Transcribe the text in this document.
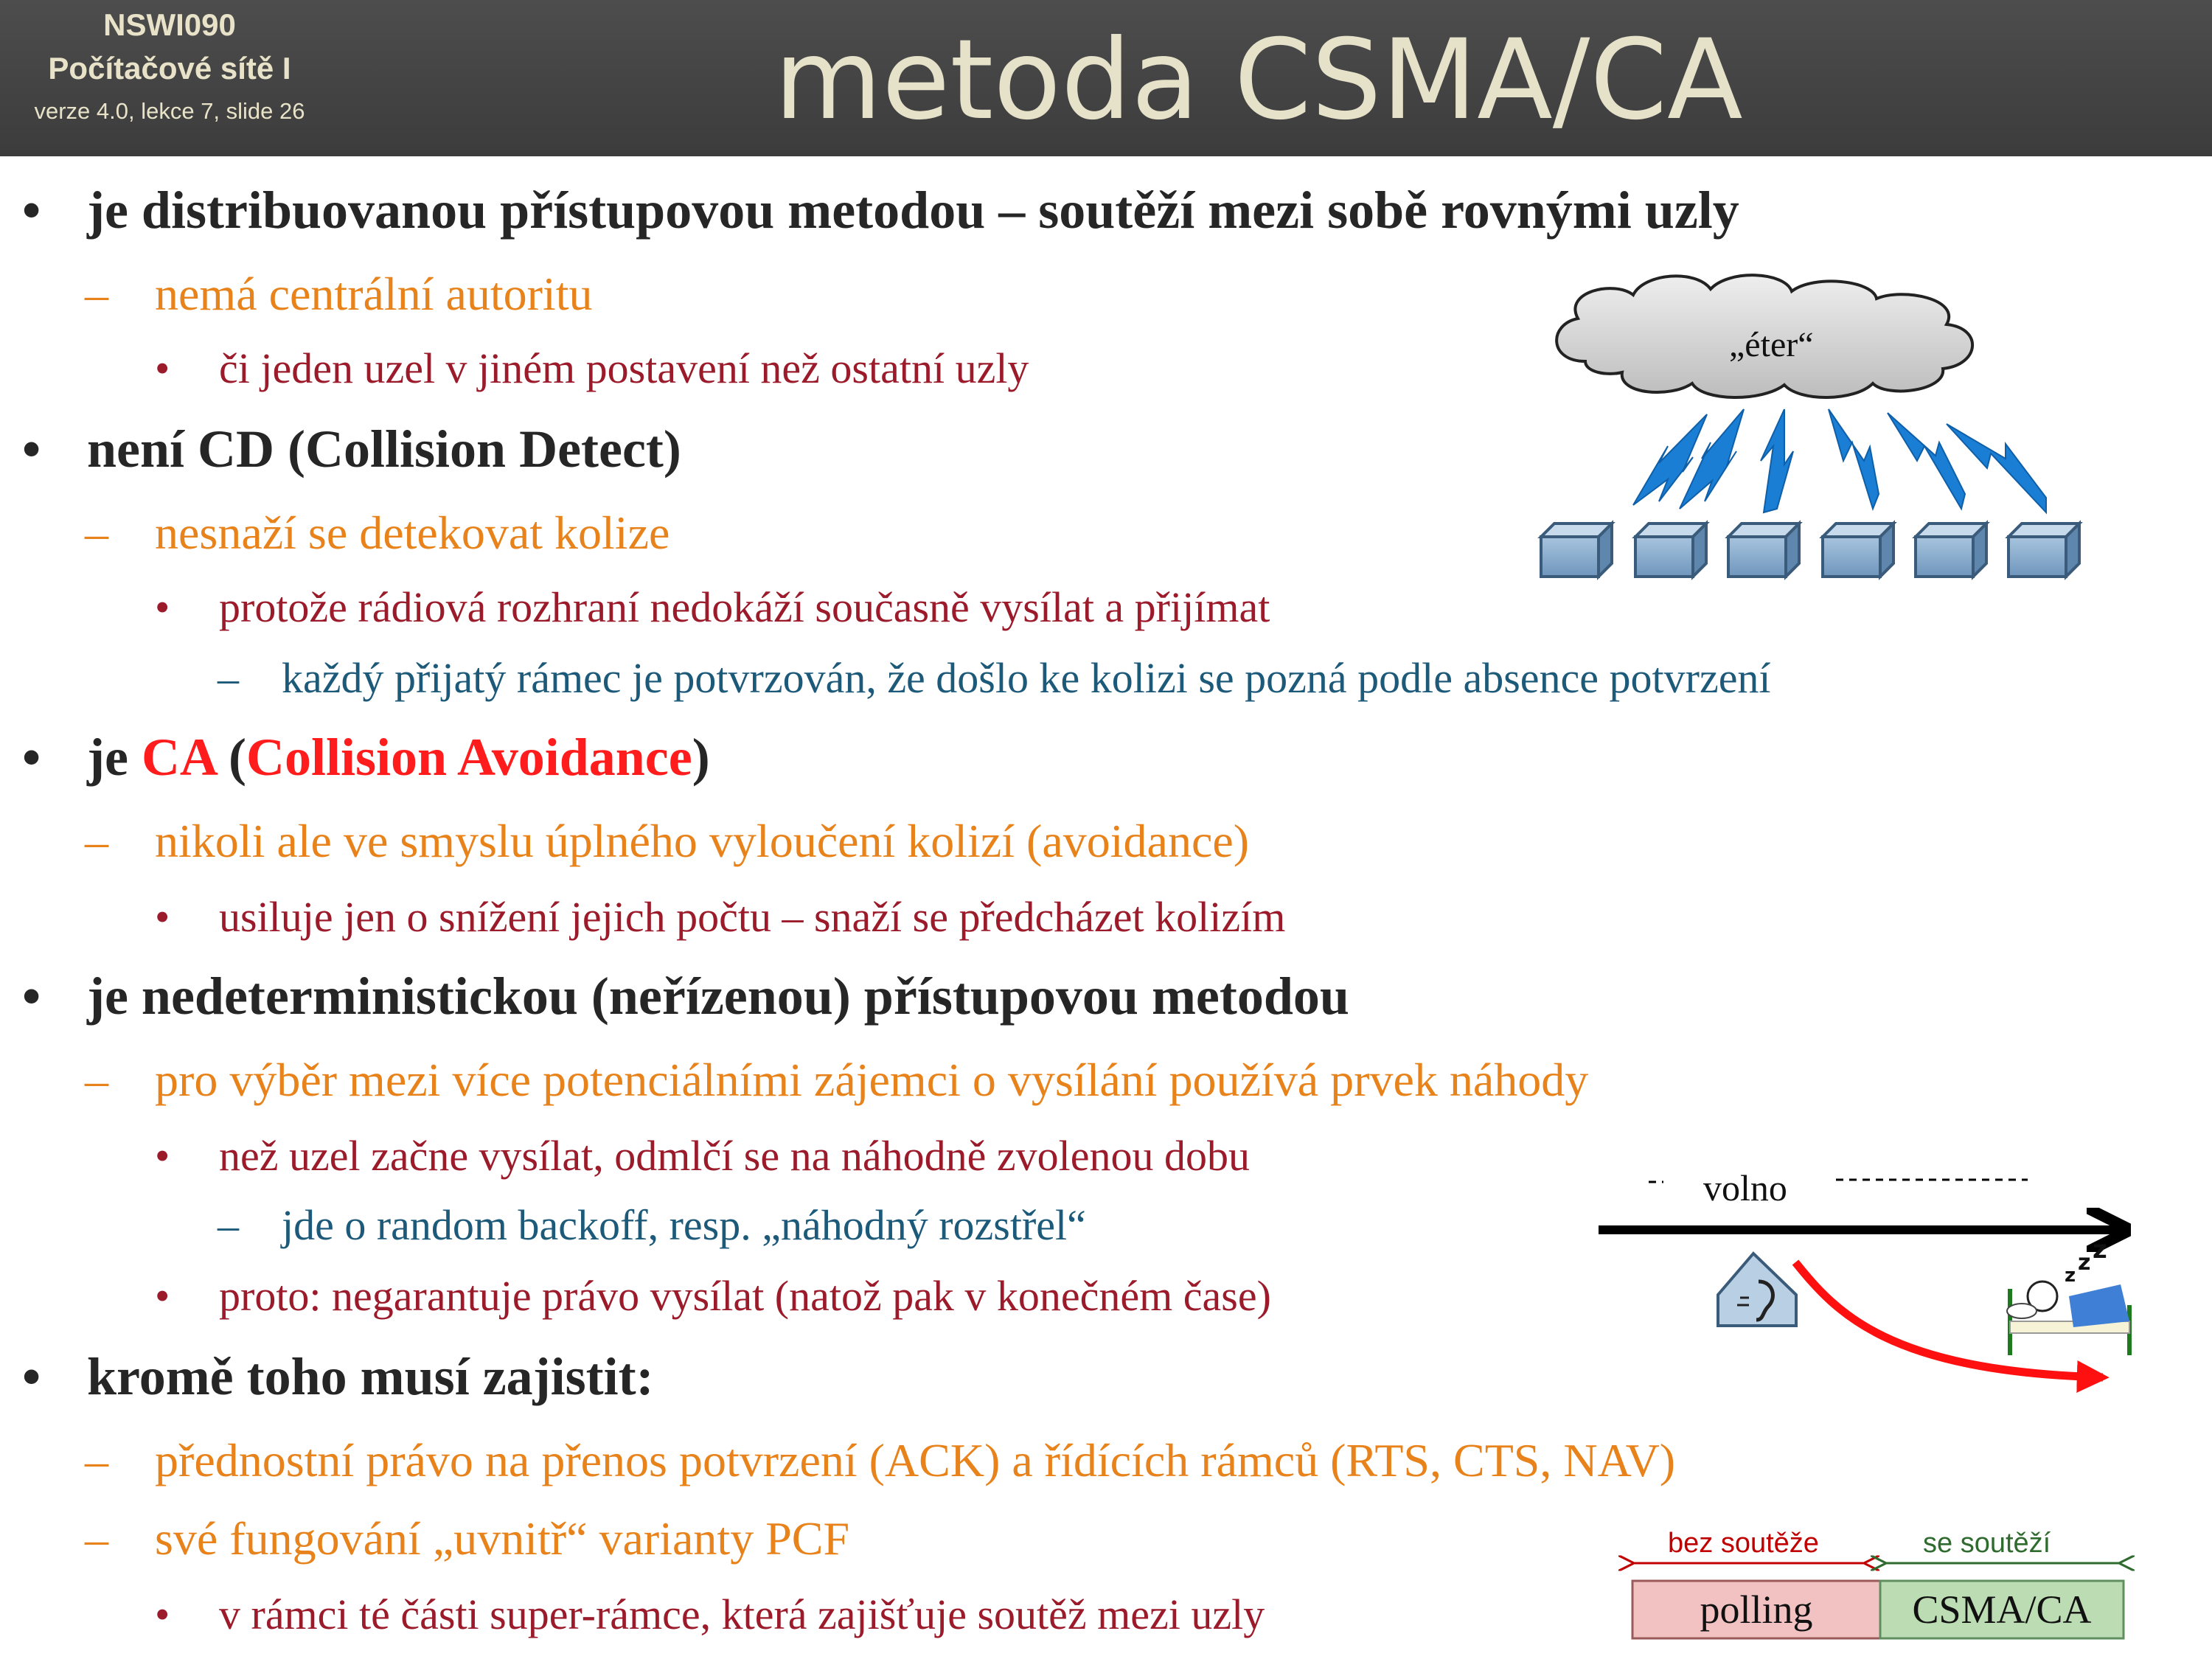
NSWI090
Počítačové sítě I
verze 4.0, lekce 7, slide 26	metoda CSMA/CA
• je distribuovanou přístupovou metodou – soutěží mezi sobě rovnými uzly
– nemá centrální autoritu
• či jeden uzel v jiném postavení než ostatní uzly
• není CD (Collision Detect)
– nesnaží se detekovat kolize
• protože rádiová rozhraní nedokáží současně vysílat a přijímat
– každý přijatý rámec je potvrzován, že došlo ke kolizi se pozná podle absence potvrzení
• je CA (Collision Avoidance)
– nikoli ale ve smyslu úplného vyloučení kolizí (avoidance)
• usiluje jen o snížení jejich počtu – snaží se předcházet kolizím
• je nedeterministickou (neřízenou) přístupovou metodou
– pro výběr mezi více potenciálními zájemci o vysílání používá prvek náhody
• než uzel začne vysílat, odmlčí se na náhodně zvolenou dobu
– jde o random backoff, resp. „náhodný rozstřel“
• proto: negarantuje právo vysílat (natož pak v konečném čase)
• kromě toho musí zajistit:
– přednostní právo na přenos potvrzení (ACK) a řídících rámců (RTS, CTS, NAV)
– své fungování „uvnitř“ varianty PCF
• v rámci té části super-rámce, která zajišťuje soutěž mezi uzly
z z z
„éter“
volno
bez soutěže	se soutěží
polling	CSMA/CA
